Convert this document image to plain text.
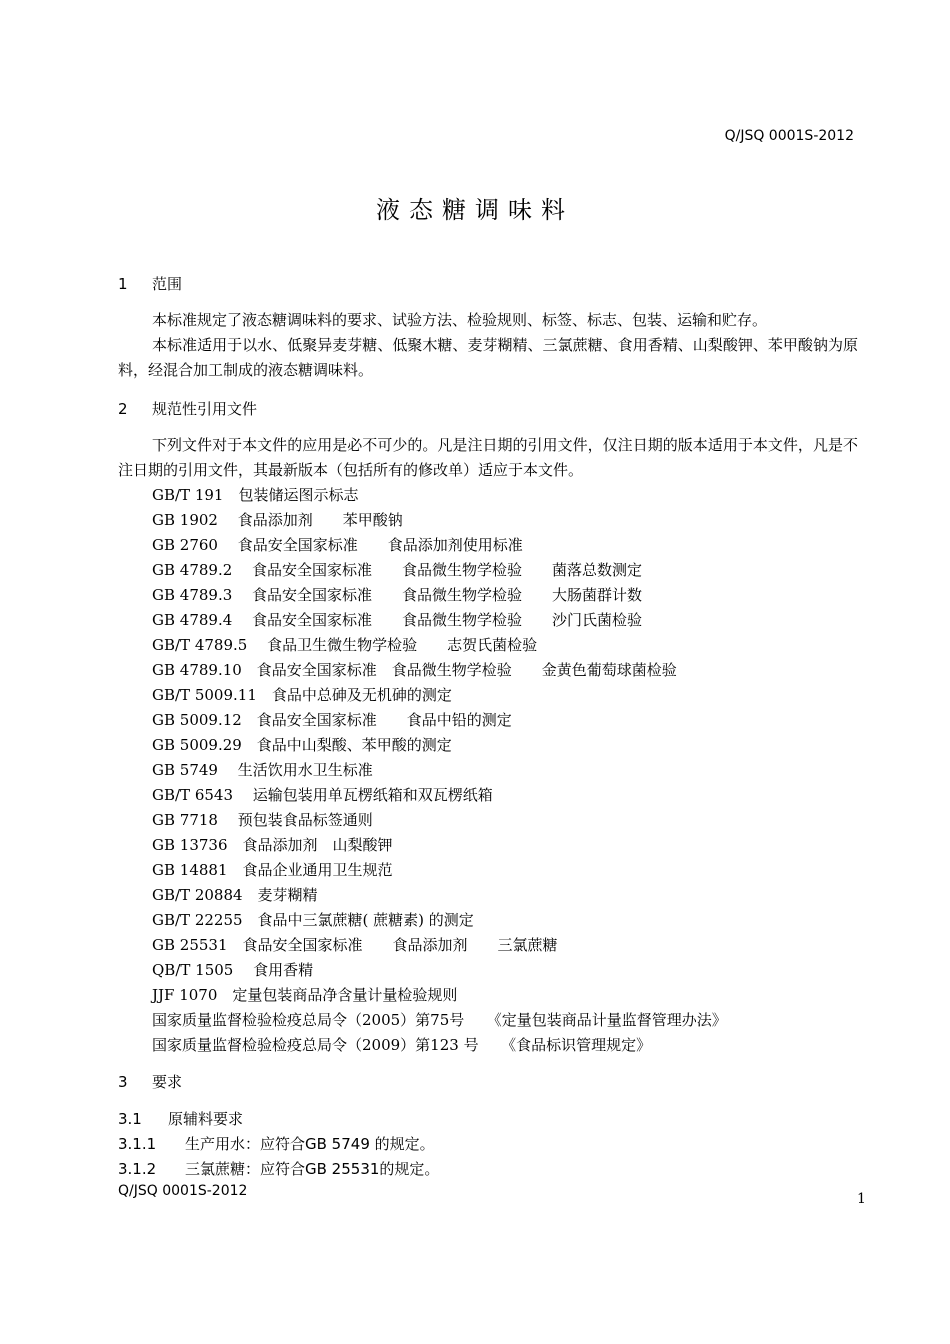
Q/JSQ 0001S-2012
液态糖调味料
1 范围
本标准规定了液态糖调味料的要求、试验方法、检验规则、标签、标志、包装、运输和贮存。
本标准适用于以水、低聚异麦芽糖、低聚木糖、麦芽糊精、三氯蔗糖、食用香精、山梨酸钾、苯甲酸钠为原料，经混合加工制成的液态糖调味料。
2 规范性引用文件
下列文件对于本文件的应用是必不可少的。凡是注日期的引用文件，仅注日期的版本适用于本文件，凡是不注日期的引用文件，其最新版本（包括所有的修改单）适应于本文件。
GB/T 191　包装储运图示标志
GB 1902　 食品添加剂　　苯甲酸钠
GB 2760　 食品安全国家标准　　食品添加剂使用标准
GB 4789.2　 食品安全国家标准　　食品微生物学检验　　菌落总数测定
GB 4789.3　 食品安全国家标准　　食品微生物学检验　　大肠菌群计数
GB 4789.4　 食品安全国家标准　　食品微生物学检验　　沙门氏菌检验
GB/T 4789.5　 食品卫生微生物学检验　　志贺氏菌检验
GB 4789.10　食品安全国家标准　食品微生物学检验　　金黄色葡萄球菌检验
GB/T 5009.11　食品中总砷及无机砷的测定
GB 5009.12　食品安全国家标准　　食品中铅的测定
GB 5009.29　食品中山梨酸、苯甲酸的测定
GB 5749　 生活饮用水卫生标准
GB/T 6543　 运输包装用单瓦楞纸箱和双瓦楞纸箱
GB 7718　 预包装食品标签通则
GB 13736　食品添加剂　山梨酸钾
GB 14881　食品企业通用卫生规范
GB/T 20884　麦芽糊精
GB/T 22255　食品中三氯蔗糖( 蔗糖素) 的测定
GB 25531　食品安全国家标准　　食品添加剂　　三氯蔗糖
QB/T 1505　 食用香精
JJF 1070　定量包装商品净含量计量检验规则
国家质量监督检验检疫总局令（2005）第75号　　《定量包装商品计量监督管理办法》
国家质量监督检验检疫总局令（2009）第123 号　　《食品标识管理规定》
3 要求
3.1 原辅料要求
3.1.1 生产用水：应符合GB 5749 的规定。
3.1.2 三氯蔗糖：应符合GB 25531的规定。
Q/JSQ 0001S-2012	1
